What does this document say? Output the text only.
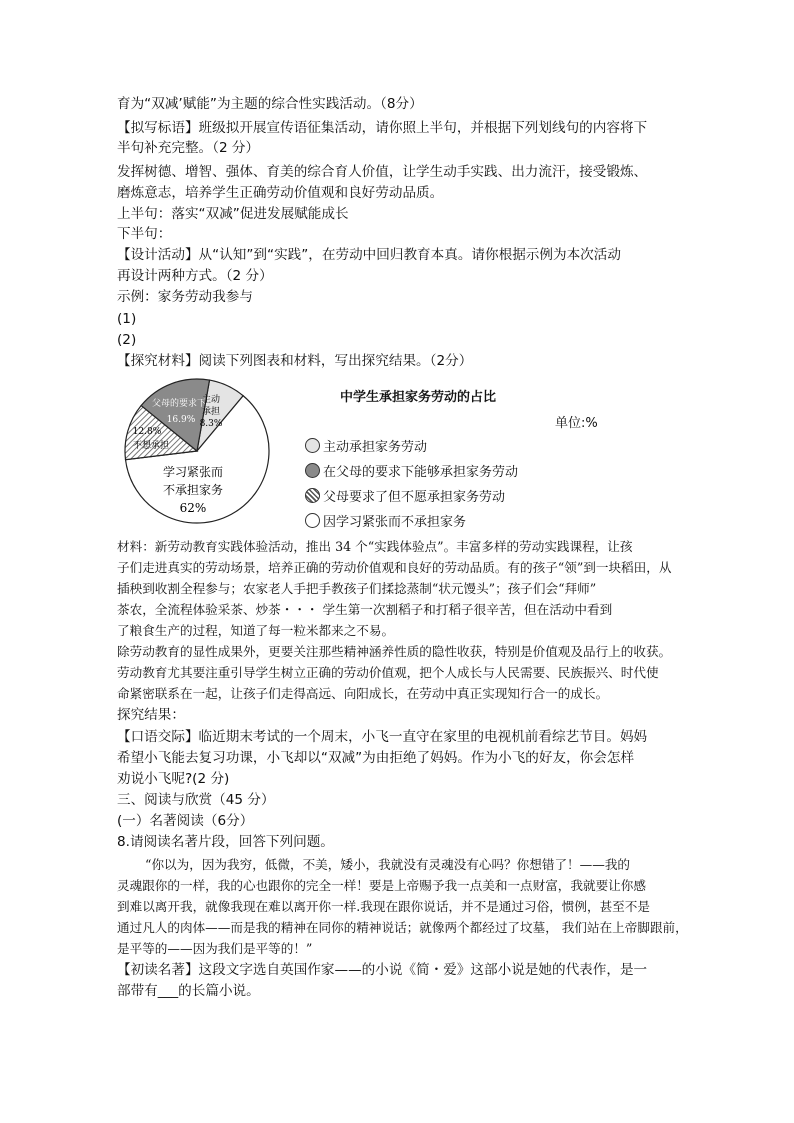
育为“双减’赋能”为主题的综合性实践活动。（8分）
【拟写标语】班级拟开展宣传语征集活动，请你照上半句，并根据下列划线句的内容将下
半句补充完整。（2 分）
发挥树德、增智、强体、育美的综合育人价值，让学生动手实践、出力流汗，接受锻炼、
磨炼意志，培养学生正确劳动价值观和良好劳动品质。
上半句：落实“双减”促进发展赋能成长
下半句：
【设计活动】从“认知”到“实践”，在劳动中回归教育本真。请你根据示例为本次活动
再设计两种方式。（2 分）
示例：家务劳动我参与
(1)
(2)
【探究材料】阅读下列图表和材料，写出探究结果。（2分）
主动
承担
8.3%
父母的要求下
16.9%
12.8%
不想承担
学习紧张而
不承担家务
62%
中学生承担家务劳动的占比
单位:%
主动承担家务劳动
在父母的要求下能够承担家务劳动
父母要求了但不愿承担家务劳动
因学习紧张而不承担家务
材料：新劳动教育实践体验活动，推出 34 个“实践体验点”。丰富多样的劳动实践课程，让孩
子们走进真实的劳动场景，培养正确的劳动价值观和良好的劳动品质。有的孩子“领”到一块稻田，从
插秧到收割全程参与；农家老人手把手教孩子们揉捻蒸制“状元馒头”；孩子们会“拜师”
茶农，全流程体验采茶、炒茶・・・ 学生第一次割稻子和打稻子很辛苦，但在活动中看到
了粮食生产的过程，知道了每一粒米都来之不易。
除劳动教育的显性成果外，更要关注那些精神涵养性质的隐性收获，特别是价值观及品行上的收获。
劳动教育尤其要注重引导学生树立正确的劳动价值观，把个人成长与人民需要、民族振兴、时代使
命紧密联系在一起，让孩子们走得高远、向阳成长，在劳动中真正实现知行合一的成长。
探究结果：
【口语交际】临近期末考试的一个周末，小飞一直守在家里的电视机前看综艺节目。妈妈
希望小飞能去复习功课，小飞却以“双减”为由拒绝了妈妈。作为小飞的好友，你会怎样
劝说小飞呢?(2 分)
三、阅读与欣赏（45 分）
(一）名著阅读（6分）
8.请阅读名著片段，回答下列问题。
“你以为，因为我穷，低微，不美，矮小，我就没有灵魂没有心吗？你想错了！——我的
灵魂跟你的一样，我的心也跟你的完全一样！要是上帝赐予我一点美和一点财富，我就要让你感
到难以离开我，就像我现在难以离开你一样.我现在跟你说话，并不是通过习俗，惯例，甚至不是
通过凡人的肉体——而是我的精神在同你的精神说话；就像两个都经过了坟墓， 我们站在上帝脚跟前，
是平等的——因为我们是平等的！”
【初读名著】这段文字选自英国作家——的小说《简・爱》这部小说是她的代表作，是一
部带有___的长篇小说。
